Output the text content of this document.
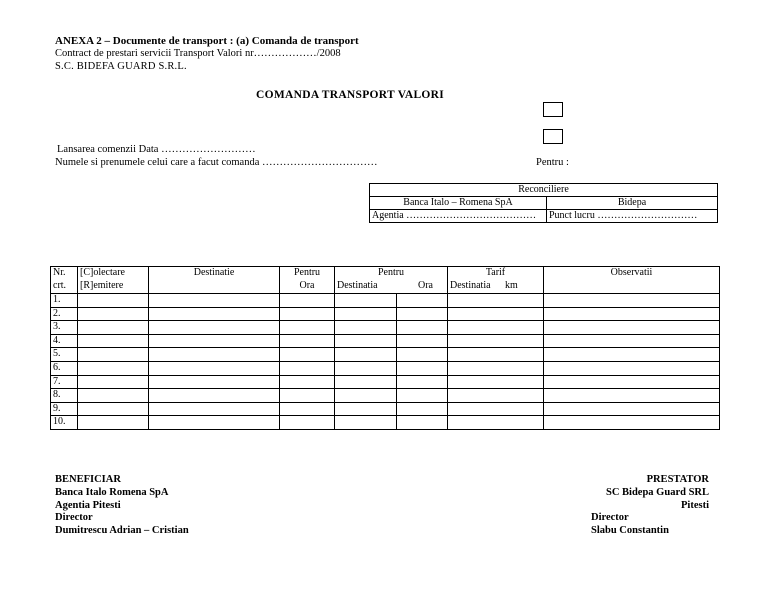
ANEXA 2 – Documente de transport : (a) Comanda de transport
Contract de prestari servicii Transport Valori nr………………/2008
S.C. BIDEFA GUARD S.R.L.
COMANDA TRANSPORT VALORI
Lansarea comenzii Data ………………………
Numele si prenumele celui care a facut comanda ……………………………	Pentru :
Reconciliere	
Banca Italo – Romena SpA	Bidepa
Agentia …………………………………	Punct lucru …………………………
Nr.	[C]olectare	Destinatie	Pentru	Pentru		Tarif	Observatii
crt.	[R]emitere		Ora	Destinatia Ora		Destinatia km	
1.							
2.							
3.							
4.							
5.							
6.							
7.							
8.							
9.							
10.							
BENEFICIAR
Banca Italo Romena SpA
Agentia Pitesti
Director
Dumitrescu Adrian – Cristian
PRESTATOR
SC Bidepa Guard SRL
Pitesti
Director
Slabu Constantin
